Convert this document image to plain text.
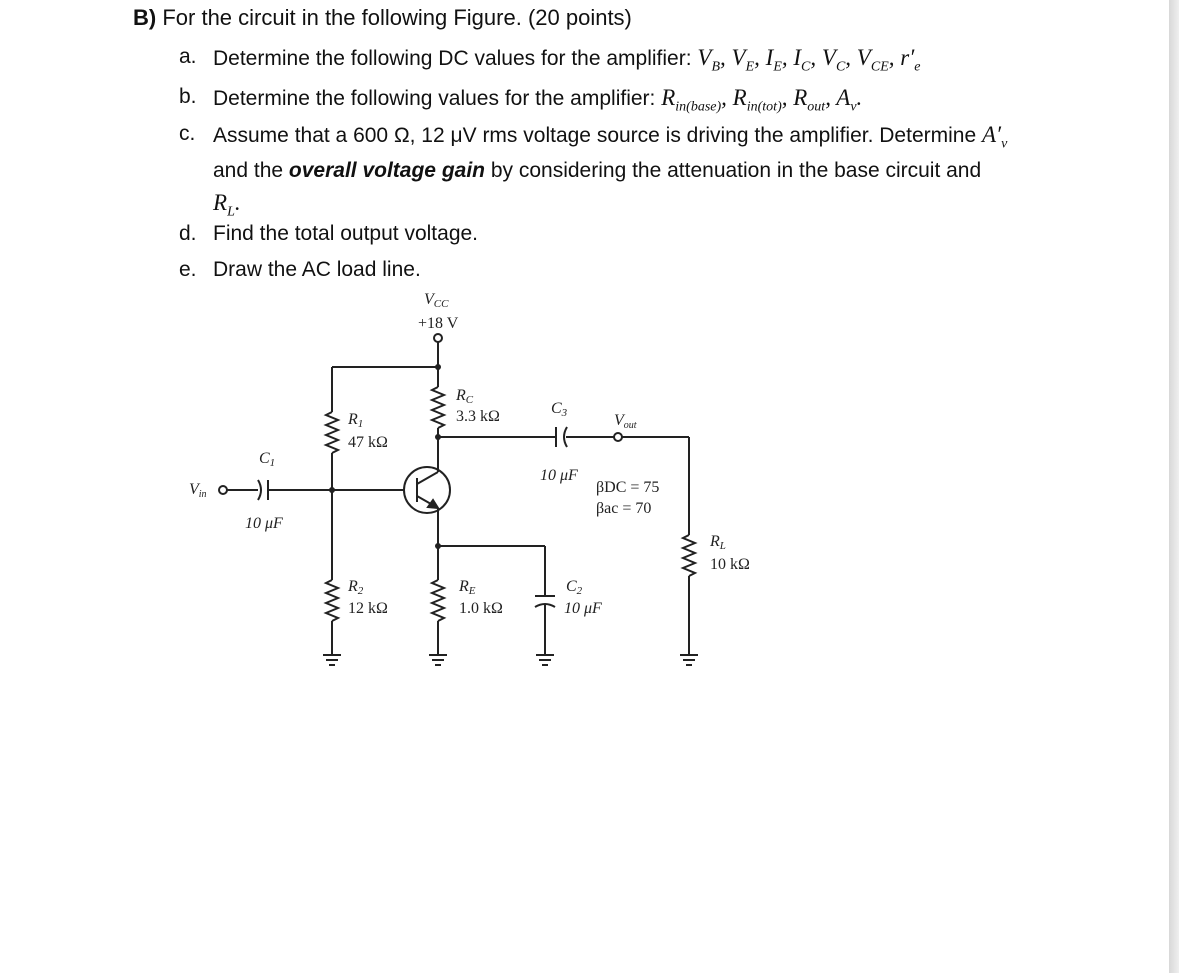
B) For the circuit in the following Figure. (20 points)
a. Determine the following DC values for the amplifier: $V_B$, $V_E$, $I_E$, $I_C$, $V_C$, $V_{CE}$, $r'_e$
b. Determine the following values for the amplifier: $R_{in(base)}$, $R_{in(tot)}$, $R_{out}$, $A_v$.
c. Assume that a 600 Ω, 12 μV rms voltage source is driving the amplifier. Determine $A'_v$
and the overall voltage gain by considering the attenuation in the base circuit and
$R_L$.
d. Find the total output voltage.
e. Draw the AC load line.
VCC
+18 V
RC
3.3 kΩ
R1
47 kΩ
C3
10 μF
Vout
C1
10 μF
Vin	βDC = 75
βac = 70
R2
12 kΩ
RE
1.0 kΩ
C2
10 μF
RL
10 kΩ
